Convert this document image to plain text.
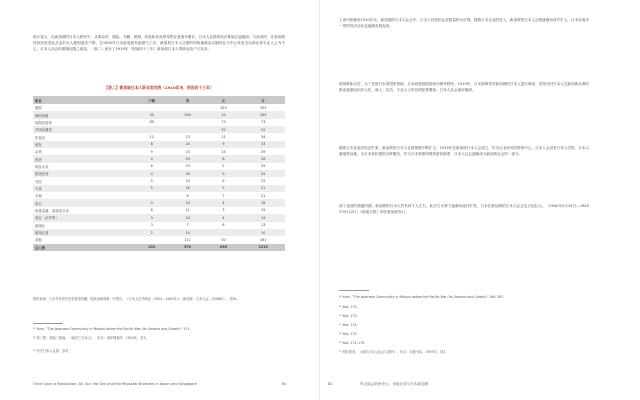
统计显示，在新加坡的日本人移民中，从事杂货、服装、书籍、照相、药品和食品等零售业者逐年增长，日本人社群的经济基础日益稳固。与此同时，在新加坡经营妓馆者及从业妇女人数则逐步下降，自1920年日本政府颁布废娼令之后，新加坡日本人社群的结构逐渐由以娼妓业为中心转变为以商业和专业人士为中心，日本人社会的面貌也随之改变。（表二）统计了1919年（明治四十三年）新加坡日本人的职业及户口状况。
【表二】新加坡日本人职业类别表（1910年末，明治四十三年）
职业	户数	男	女	计
娼妓			353	353
橡胶种植	35	200	15	265
妓院经营者	80		73	73
外国妾藏者			52	52
饮食店	12	23	11	34
理发	8	24	9	33
杂货	9	15	14	29
医药	4	20	8	28
药品买卖	6	23	2	25
旅馆经营	4	16	9	25
牙医	5	14	8	22
写真	5	16	5	21
女佣		6	7	21
洗衣	4	14	4	18
贵重金属、装饰品买卖	6	12	3	15
商业（杂货等）	3	10	4	14
新闻社	3	7	6	13
新闻记者	2	10		10
其他		111	50	161
总人数	253	570	636	1215
资料来源：日本外务省外交史料馆所藏，驻新加坡领事一分报告，《日本人在外职业（1910—1940年）》（新加坡：日本人会，2008年），页61。
⁶¹ Yuen, "The Japanese Community in Malaya before the Pacific War: Its Genesis and Growth," 171.
⁶² 如三野、菊池三郎编，《南洋之日本人》，东京：南洋调查所，1915年，页3。
⁶³ 有关日本人社群，参见
Once Upon a Revolution: Dr. Sun Yat Sen and the Miyazaki Brothers in Japan and Singapore	61
上表可知截至1910年末，新加坡的日本人社会中，日本人经营的企业数量相当可观。随着日本企业的进入，新加坡的日本人社群逐渐形成并扩大，日本在南洋一带的经济活动也逐渐发展起来。
明治维新以后，为了发展日本的国家资源，日本政府鼓励国民向海外移民。1919年，日本领事馆对新加坡的日本人进行调查，发现当时日本人在新加坡从事的职业逐渐趋向多元化，商人、店员、专业人士的比例显著增加，日本人社会逐步稳固。
随着日本在南洋经济扩张，新加坡的日本人社群规模不断扩大。1915年在新加坡日本人会成立，作为日本侨民的联络中心。日本人会设有日本人学校、日本人墓地等设施，为日本侨民提供各种服务，并与日本领事馆保持密切联系，日本人社会逐渐成为新加坡社会的一部分。
到了战前的鼎盛时期，新加坡的日本人约有四千人左右，此后日本势力逐渐向南洋扩张，日本在新加坡的日本人社会也日趋壮大。（1942年2月15日—1945年9月12日）《昭南日报》即在新加坡发行。
⁶⁴ Yuen, "The Japanese Community in Malaya before the Pacific War: Its Genesis and Growth," 166–167.
⁶⁵ Ibid, 170.
⁶⁶ Ibid, 173.
⁶⁷ Ibid, 174.
⁶⁸ Ibid, 175.
⁶⁹ Ibid, 174–175.
⁷⁰ 明石阳至，《南洋日本人社会与战争》，东京：岩波书店，1997年，页3。
62	风云际会的孙中山、宫崎兄弟与日本新加坡
